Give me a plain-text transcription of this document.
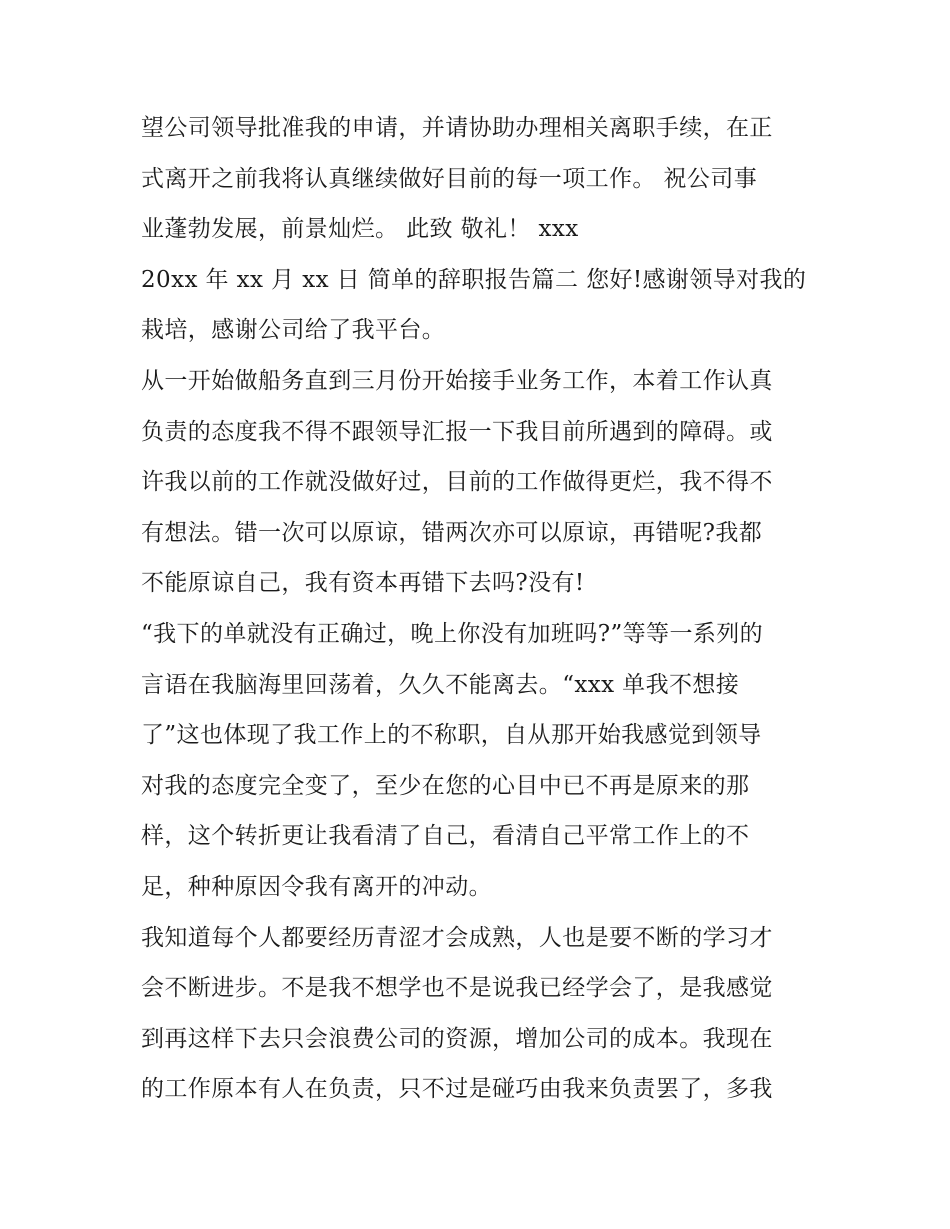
望公司领导批准我的申请，并请协助办理相关离职手续，在正
式离开之前我将认真继续做好目前的每一项工作。 祝公司事
业蓬勃发展，前景灿烂。 此致 敬礼！ xxx
20xx 年 xx 月 xx 日 简单的辞职报告篇二 您好!感谢领导对我的
栽培，感谢公司给了我平台。
从一开始做船务直到三月份开始接手业务工作，本着工作认真
负责的态度我不得不跟领导汇报一下我目前所遇到的障碍。或
许我以前的工作就没做好过，目前的工作做得更烂，我不得不
有想法。错一次可以原谅，错两次亦可以原谅，再错呢?我都
不能原谅自己，我有资本再错下去吗?没有!
“我下的单就没有正确过，晚上你没有加班吗?”等等一系列的
言语在我脑海里回荡着，久久不能离去。“xxx 单我不想接
了”这也体现了我工作上的不称职，自从那开始我感觉到领导
对我的态度完全变了，至少在您的心目中已不再是原来的那
样，这个转折更让我看清了自己，看清自己平常工作上的不
足，种种原因令我有离开的冲动。
我知道每个人都要经历青涩才会成熟，人也是要不断的学习才
会不断进步。不是我不想学也不是说我已经学会了，是我感觉
到再这样下去只会浪费公司的资源，增加公司的成本。我现在
的工作原本有人在负责，只不过是碰巧由我来负责罢了，多我
